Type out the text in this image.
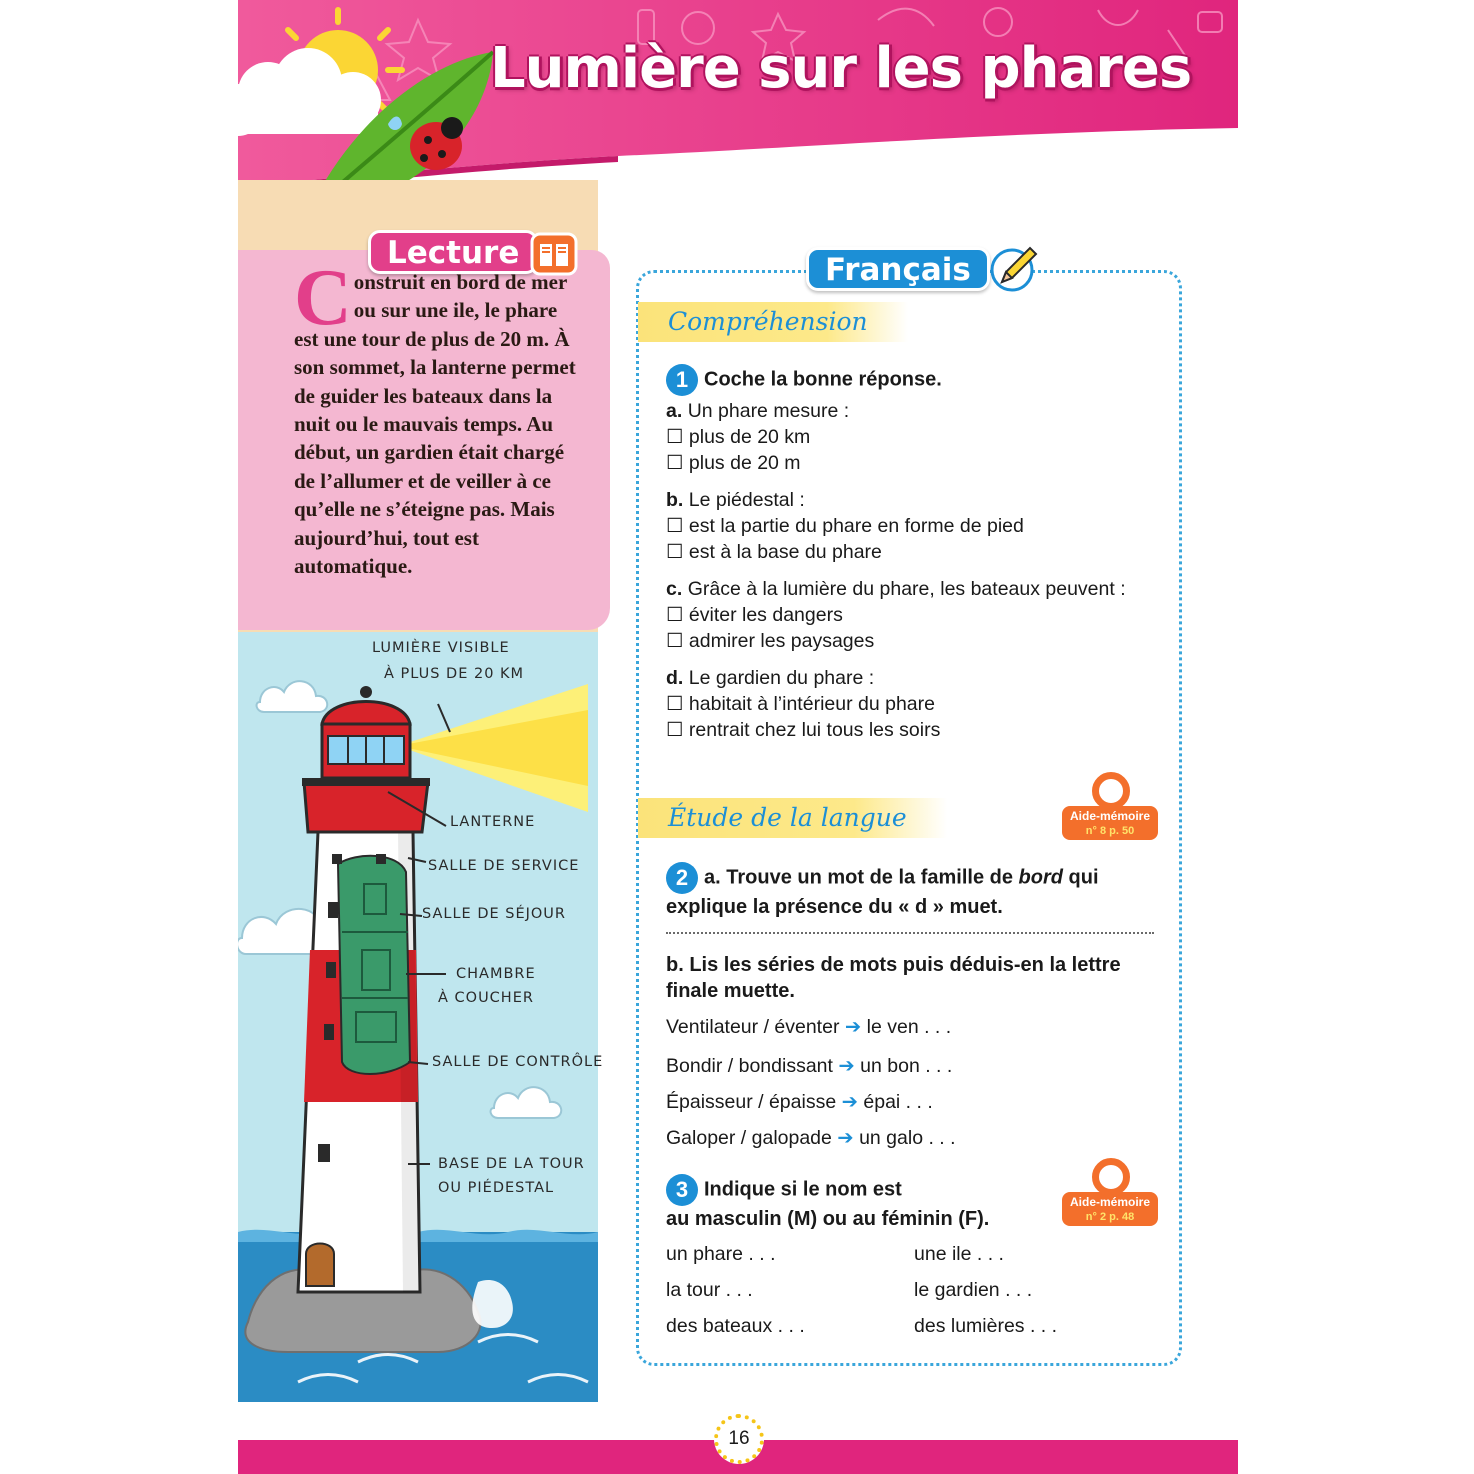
Lumière sur les phares
Lecture
C onstruit en bord de mer ou sur une ile, le phare est une tour de plus de 20 m. À son sommet, la lanterne permet de guider les bateaux dans la nuit ou le mauvais temps. Au début, un gardien était chargé de l’allumer et de veiller à ce qu’elle ne s’éteigne pas. Mais aujourd’hui, tout est automatique.
LUMIÈRE VISIBLE
À PLUS DE 20 KM
LANTERNE
SALLE DE SERVICE
SALLE DE SÉJOUR
CHAMBRE
À COUCHER
SALLE DE CONTRÔLE
BASE DE LA TOUR
OU PIÉDESTAL
Français
Compréhension
1 Coche la bonne réponse.
a. Un phare mesure :
☐ plus de 20 km
☐ plus de 20 m
b. Le piédestal :
☐ est la partie du phare en forme de pied
☐ est à la base du phare
c. Grâce à la lumière du phare, les bateaux peuvent :
☐ éviter les dangers
☐ admirer les paysages
d. Le gardien du phare :
☐ habitait à l’intérieur du phare
☐ rentrait chez lui tous les soirs
Étude de la langue	Aide-mémoire
n° 8 p. 50
2 a. Trouve un mot de la famille de bord qui explique la présence du « d » muet.
b. Lis les séries de mots puis déduis-en la lettre finale muette.
Ventilateur / éventer ➔ le ven . . .
Bondir / bondissant ➔ un bon . . .
Épaisseur / épaisse ➔ épai . . .
Galoper / galopade ➔ un galo . . .
Aide-mémoire
n° 2 p. 48
3 Indique si le nom est
au masculin (M) ou au féminin (F).
un phare . . .	une ile . . .
la tour . . .	le gardien . . .
des bateaux . . .	des lumières . . .
16
